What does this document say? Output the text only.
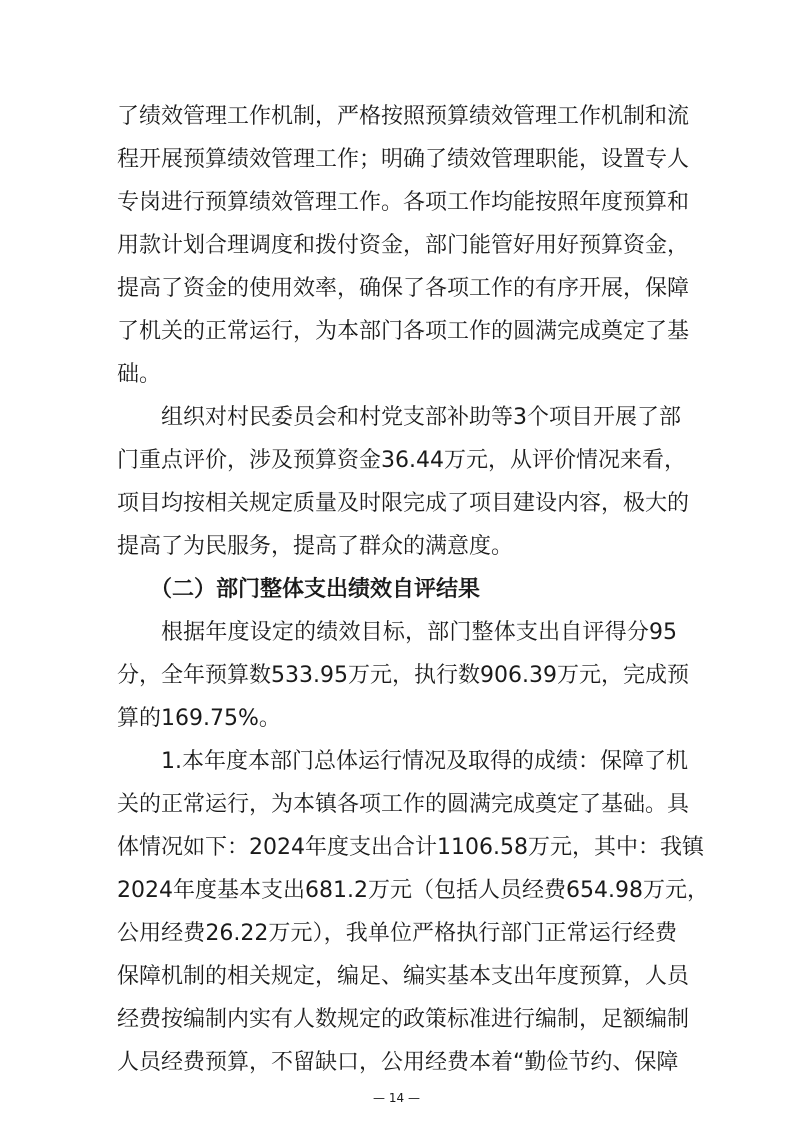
了绩效管理工作机制，严格按照预算绩效管理工作机制和流
程开展预算绩效管理工作；明确了绩效管理职能，设置专人
专岗进行预算绩效管理工作。各项工作均能按照年度预算和
用款计划合理调度和拨付资金，部门能管好用好预算资金，
提高了资金的使用效率，确保了各项工作的有序开展，保障
了机关的正常运行，为本部门各项工作的圆满完成奠定了基
础。
组织对村民委员会和村党支部补助等3个项目开展了部
门重点评价，涉及预算资金36.44万元，从评价情况来看，
项目均按相关规定质量及时限完成了项目建设内容，极大的
提高了为民服务，提高了群众的满意度。
（二）部门整体支出绩效自评结果
根据年度设定的绩效目标，部门整体支出自评得分95
分，全年预算数533.95万元，执行数906.39万元，完成预
算的169.75%。
1.本年度本部门总体运行情况及取得的成绩：保障了机
关的正常运行，为本镇各项工作的圆满完成奠定了基础。具
体情况如下：2024年度支出合计1106.58万元，其中：我镇
2024年度基本支出681.2万元（包括人员经费654.98万元，
公用经费26.22万元），我单位严格执行部门正常运行经费
保障机制的相关规定，编足、编实基本支出年度预算，人员
经费按编制内实有人数规定的政策标准进行编制，足额编制
人员经费预算，不留缺口，公用经费本着“勤俭节约、保障
— 14 —
